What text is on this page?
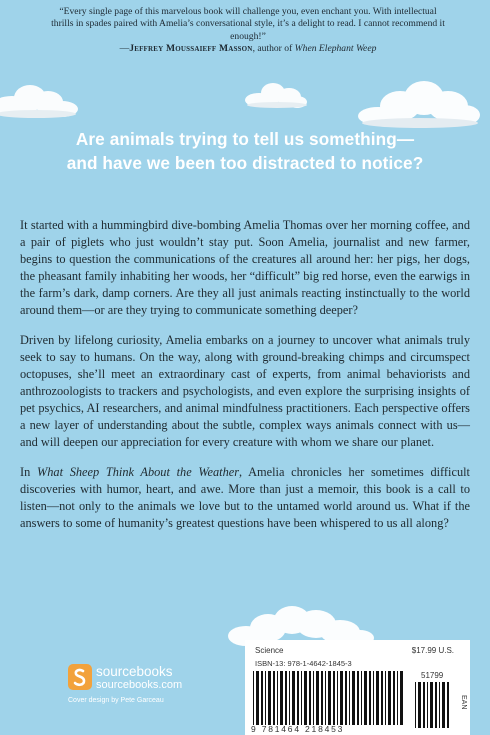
“Every single page of this marvelous book will challenge you, even enchant you. With intellectual thrills in spades paired with Amelia’s conversational style, it’s a delight to read. I cannot recommend it enough!”
—Jeffrey Moussaieff Masson, author of When Elephant Weep
Are animals trying to tell us something—
and have we been too distracted to notice?

It started with a hummingbird dive-bombing Amelia Thomas over her morning coffee, and a pair of piglets who just wouldn’t stay put. Soon Amelia, journalist and new farmer, begins to question the communications of the creatures all around her: her pigs, her dogs, the pheasant family inhabiting her woods, her “difficult” big red horse, even the earwigs in the farm’s dark, damp corners. Are they all just animals reacting instinctually to the world around them—or are they trying to communicate something deeper?

Driven by lifelong curiosity, Amelia embarks on a journey to uncover what animals truly seek to say to humans. On the way, along with ground-breaking chimps and circumspect octopuses, she’ll meet an extraordinary cast of experts, from animal behaviorists and anthrozoologists to trackers and psychologists, and even explore the surprising insights of pet psychics, AI researchers, and animal mindfulness practitioners. Each perspective offers a new layer of understanding about the subtle, complex ways animals connect with us—and will deepen our appreciation for every creature with whom we share our planet.

In What Sheep Think About the Weather, Amelia chronicles her sometimes difficult discoveries with humor, heart, and awe. More than just a memoir, this book is a call to listen—not only to the animals we love but to the untamed world around us. What if the answers to some of humanity’s greatest questions have been whispered to us all along?

sourcebooks
sourcebooks.com
Cover design by Pete Garceau
Science	$17.99 U.S.
ISBN-13: 978-1-4642-1845-3
9 781464 218453
51799
EAN
